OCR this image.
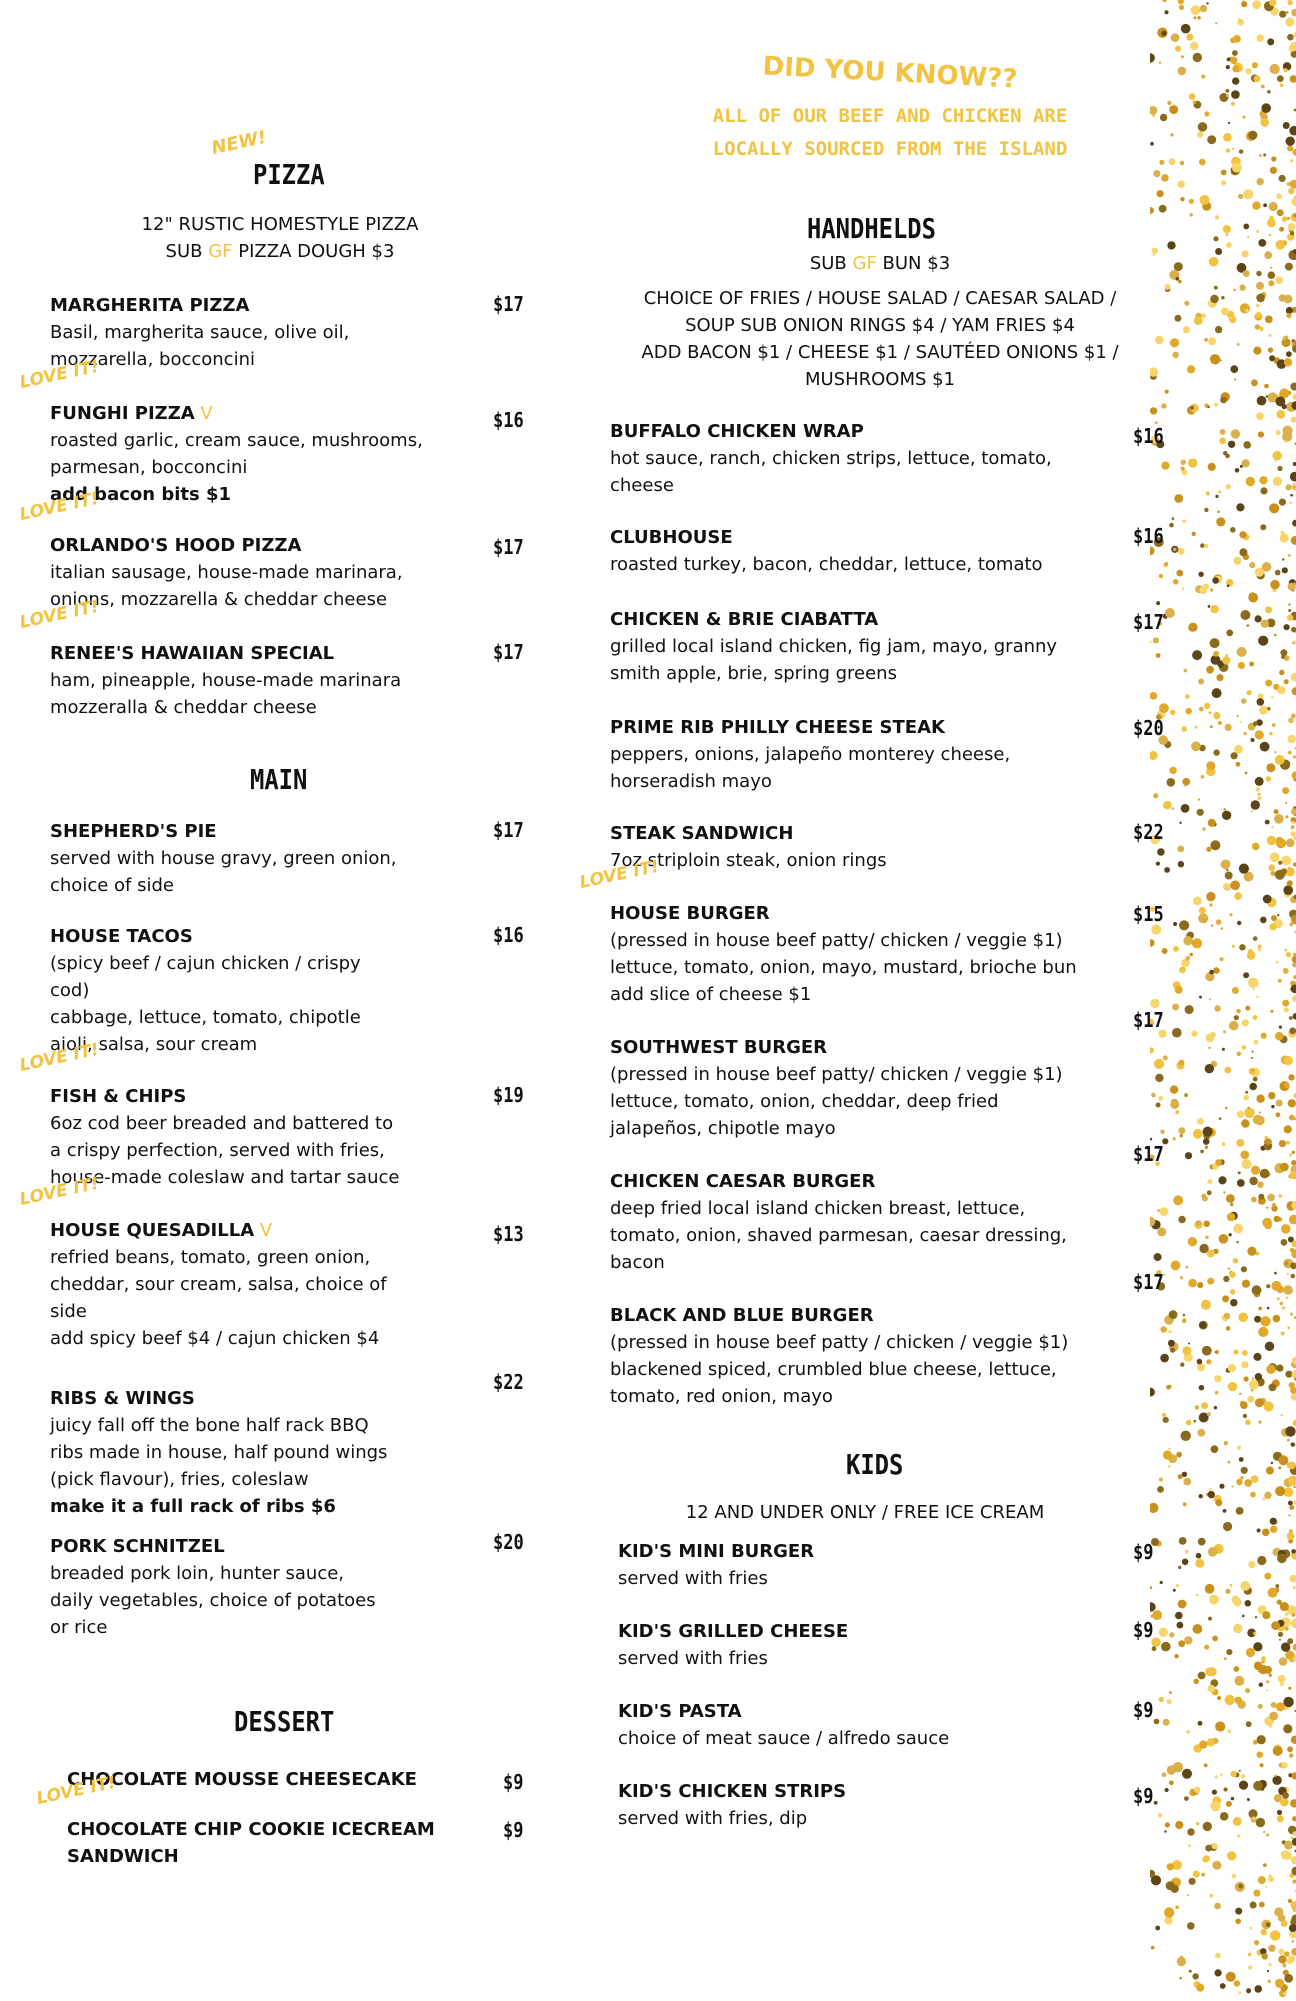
DID YOU KNOW??
ALL OF OUR BEEF AND CHICKEN ARE
LOCALLY SOURCED FROM THE ISLAND
NEW!
PIZZA
12" RUSTIC HOMESTYLE PIZZA
SUB GF PIZZA DOUGH $3
MARGHERITA PIZZA
Basil, margherita sauce, olive oil,
mozzarella, bocconcini
$17
FUNGHI PIZZA V
roasted garlic, cream sauce, mushrooms,
parmesan, bocconcini
add bacon bits $1
LOVE IT!
$16
ORLANDO'S HOOD PIZZA
italian sausage, house-made marinara,
onions, mozzarella & cheddar cheese
LOVE IT!
$17
RENEE'S HAWAIIAN SPECIAL
ham, pineapple, house-made marinara
mozzeralla & cheddar cheese
LOVE IT!
$17
MAIN
SHEPHERD'S PIE
served with house gravy, green onion,
choice of side
$17
HOUSE TACOS
(spicy beef / cajun chicken / crispy
cod)
cabbage, lettuce, tomato, chipotle
aioli, salsa, sour cream
$16
FISH & CHIPS
6oz cod beer breaded and battered to
a crispy perfection, served with fries,
house-made coleslaw and tartar sauce
LOVE IT!
$19
HOUSE QUESADILLA V
refried beans, tomato, green onion,
cheddar, sour cream, salsa, choice of
side
add spicy beef $4 / cajun chicken $4
LOVE IT!
$13
RIBS & WINGS
juicy fall off the bone half rack BBQ
ribs made in house, half pound wings
(pick flavour), fries, coleslaw
make it a full rack of ribs $6
$22
PORK SCHNITZEL
breaded pork loin, hunter sauce,
daily vegetables, choice of potatoes
or rice
$20
DESSERT
CHOCOLATE MOUSSE CHEESECAKE	$9
CHOCOLATE CHIP COOKIE ICECREAM
SANDWICH
LOVE IT!
$9
HANDHELDS
SUB GF BUN $3
CHOICE OF FRIES / HOUSE SALAD / CAESAR SALAD /
SOUP SUB ONION RINGS $4 / YAM FRIES $4
ADD BACON $1 / CHEESE $1 / SAUTÉED ONIONS $1 /
MUSHROOMS $1
BUFFALO CHICKEN WRAP
hot sauce, ranch, chicken strips, lettuce, tomato,
cheese
$16
CLUBHOUSE
roasted turkey, bacon, cheddar, lettuce, tomato
$16
CHICKEN & BRIE CIABATTA
grilled local island chicken, fig jam, mayo, granny
smith apple, brie, spring greens
$17
PRIME RIB PHILLY CHEESE STEAK
peppers, onions, jalapeño monterey cheese,
horseradish mayo
$20
STEAK SANDWICH
7oz striploin steak, onion rings
$22
HOUSE BURGER
(pressed in house beef patty/ chicken / veggie $1)
lettuce, tomato, onion, mayo, mustard, brioche bun
add slice of cheese $1
LOVE IT!
$15
SOUTHWEST BURGER
(pressed in house beef patty/ chicken / veggie $1)
lettuce, tomato, onion, cheddar, deep fried
jalapeños, chipotle mayo
$17
CHICKEN CAESAR BURGER
deep fried local island chicken breast, lettuce,
tomato, onion, shaved parmesan, caesar dressing,
bacon
$17
BLACK AND BLUE BURGER
(pressed in house beef patty / chicken / veggie $1)
blackened spiced, crumbled blue cheese, lettuce,
tomato, red onion, mayo
$17
KIDS
12 AND UNDER ONLY / FREE ICE CREAM
KID'S MINI BURGER
served with fries
$9
KID'S GRILLED CHEESE
served with fries
$9
KID'S PASTA
choice of meat sauce / alfredo sauce
$9
KID'S CHICKEN STRIPS
served with fries, dip
$9
